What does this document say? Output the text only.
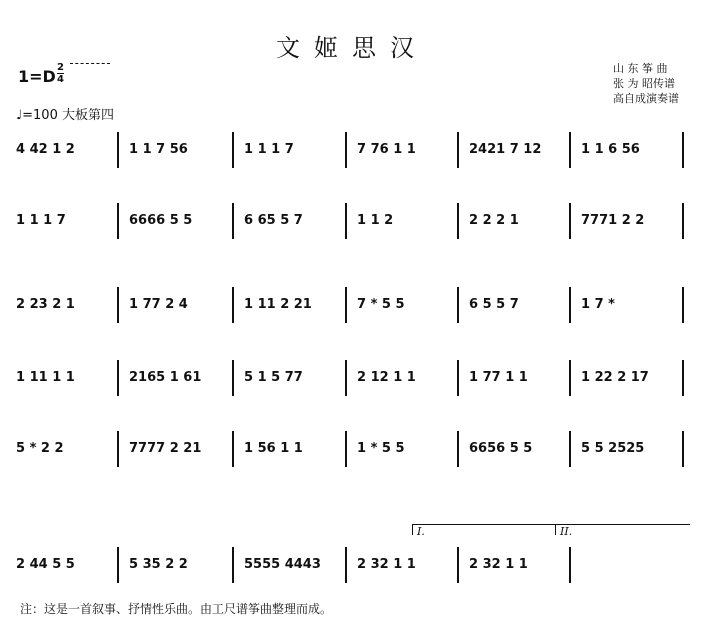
文姬思汉
山 东 筝 曲
张 为 昭传谱
高自成演奏谱
1=D 2
4
♩=100 大板第四
4 42 1 2	1 1 7 56	1 1 1 7	7 76 1 1	2421 7 12	1 1 6 56
1 1 1 7	6666 5 5	6 65 5 7	1 1 2	2 2 2 1	7771 2 2
2 23 2 1	1 77 2 4	1 11 2 21	7 * 5 5	6 5 5 7	1 7 *
1 11 1 1	2165 1 61	5 1 5 77	2 12 1 1	1 77 1 1	1 22 2 17
5 * 2 2	7777 2 21	1 56 1 1	1 * 5 5	6656 5 5	5 5 2525
2 44 5 5	5 35 2 2	5555 4443	2 32 1 1	2 32 1 1
I.	II.
注：这是一首叙事、抒情性乐曲。由工尺谱筝曲整理而成。
